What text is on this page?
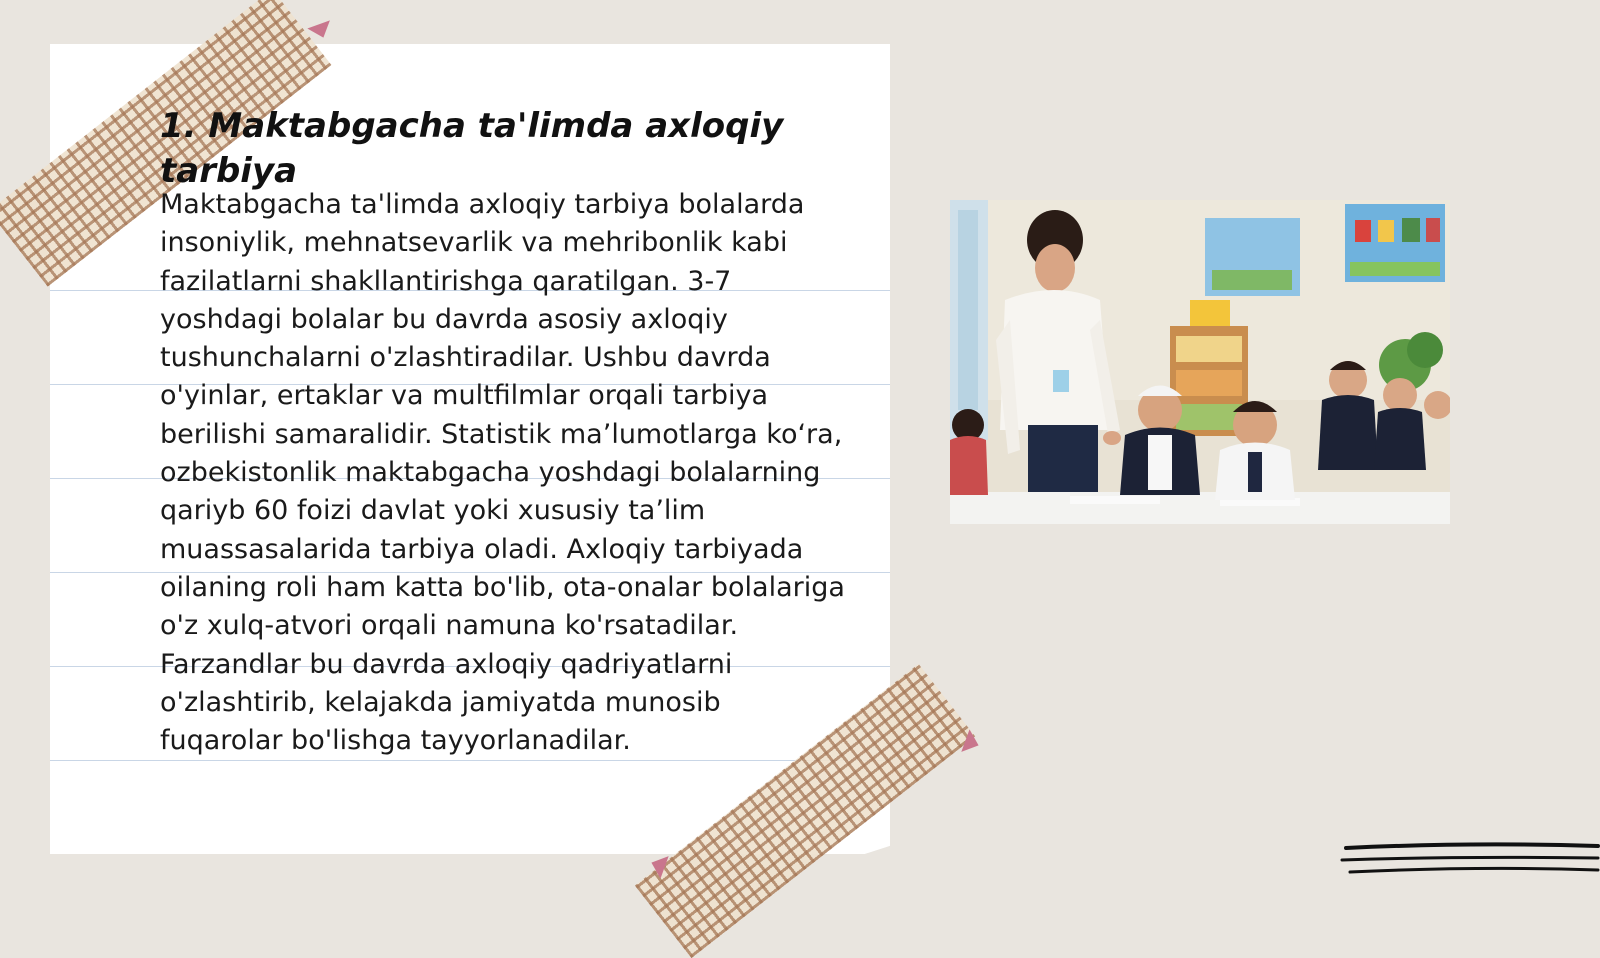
1. Maktabgacha ta'limda axloqiy tarbiya

Maktabgacha ta'limda axloqiy tarbiya bolalarda insoniylik, mehnatsevarlik va mehribonlik kabi fazilatlarni shakllantirishga qaratilgan. 3-7 yoshdagi bolalar bu davrda asosiy axloqiy tushunchalarni o'zlashtiradilar. Ushbu davrda o'yinlar, ertaklar va multfilmlar orqali tarbiya berilishi samaralidir. Statistik ma’lumotlarga ko‘ra, ozbekistonlik maktabgacha yoshdagi bolalarning qariyb 60 foizi davlat yoki xususiy ta’lim muassasalarida tarbiya oladi. Axloqiy tarbiyada oilaning roli ham katta bo'lib, ota-onalar bolalariga o'z xulq-atvori orqali namuna ko'rsatadilar. Farzandlar bu davrda axloqiy qadriyatlarni o'zlashtirib, kelajakda jamiyatda munosib fuqarolar bo'lishga tayyorlanadilar.
